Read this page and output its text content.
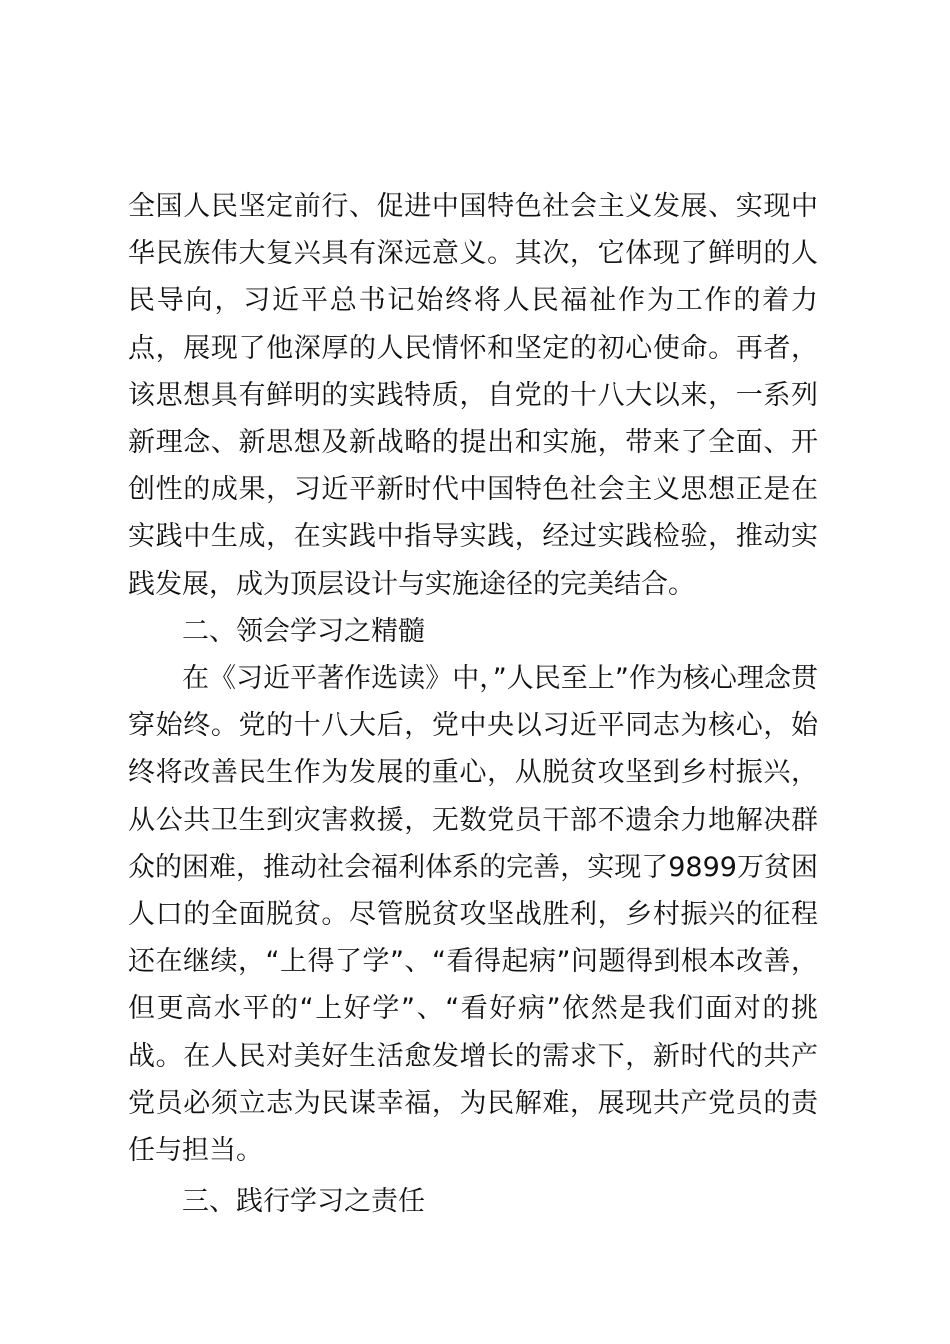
全国人民坚定前行、促进中国特色社会主义发展、实现中华民族伟大复兴具有深远意义。其次，它体现了鲜明的人民导向，习近平总书记始终将人民福祉作为工作的着力点，展现了他深厚的人民情怀和坚定的初心使命。再者，该思想具有鲜明的实践特质，自党的十八大以来，一系列新理念、新思想及新战略的提出和实施，带来了全面、开创性的成果，习近平新时代中国特色社会主义思想正是在实践中生成，在实践中指导实践，经过实践检验，推动实践发展，成为顶层设计与实施途径的完美结合。

二、领会学习之精髓

在《习近平著作选读》中，”人民至上”作为核心理念贯穿始终。党的十八大后，党中央以习近平同志为核心，始终将改善民生作为发展的重心，从脱贫攻坚到乡村振兴，从公共卫生到灾害救援，无数党员干部不遗余力地解决群众的困难，推动社会福利体系的完善，实现了9899万贫困人口的全面脱贫。尽管脱贫攻坚战胜利，乡村振兴的征程还在继续，“上得了学”、“看得起病”问题得到根本改善，但更高水平的“上好学”、“看好病”依然是我们面对的挑战。在人民对美好生活愈发增长的需求下，新时代的共产党员必须立志为民谋幸福，为民解难，展现共产党员的责任与担当。

三、践行学习之责任
